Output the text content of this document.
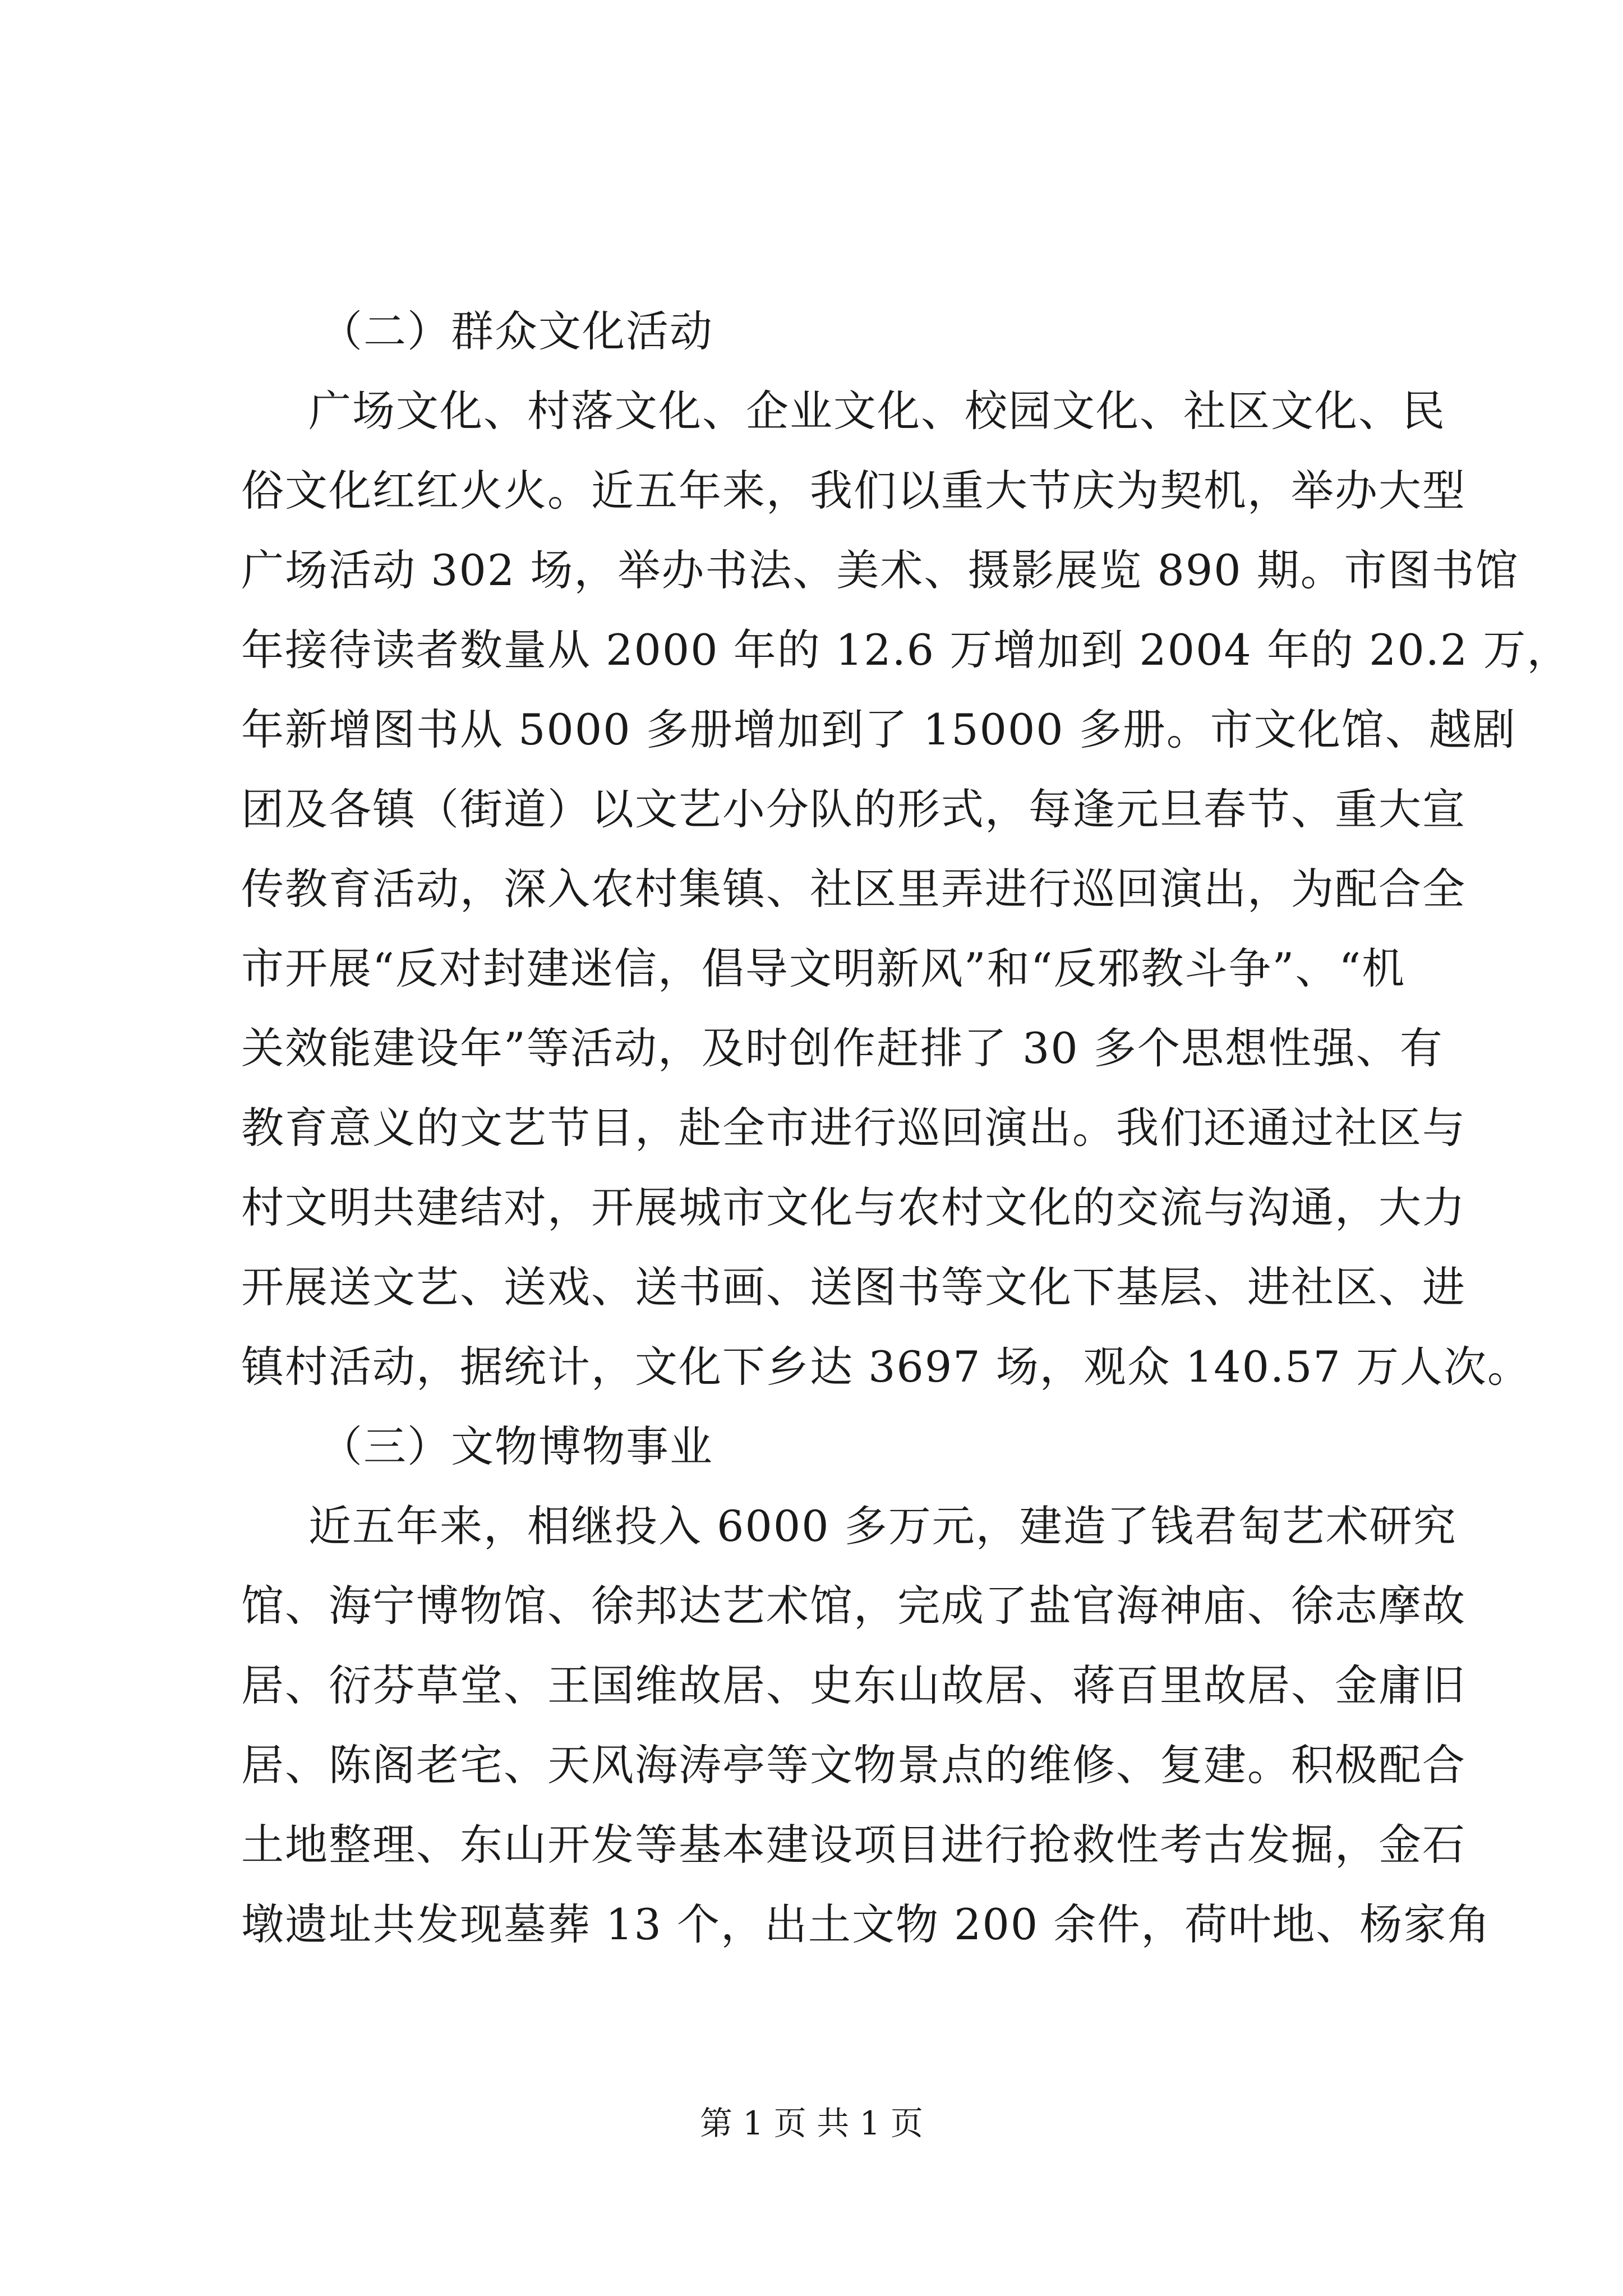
（二）群众文化活动
广场文化、村落文化、企业文化、校园文化、社区文化、民
俗文化红红火火。近五年来，我们以重大节庆为契机，举办大型
广场活动 302 场，举办书法、美术、摄影展览 890 期。市图书馆
年接待读者数量从 2000 年的 12.6 万增加到 2004 年的 20.2 万，
年新增图书从 5000 多册增加到了 15000 多册。市文化馆、越剧
团及各镇（街道）以文艺小分队的形式，每逢元旦春节、重大宣
传教育活动，深入农村集镇、社区里弄进行巡回演出，为配合全
市开展“反对封建迷信，倡导文明新风”和“反邪教斗争”、“机
关效能建设年”等活动，及时创作赶排了 30 多个思想性强、有
教育意义的文艺节目，赴全市进行巡回演出。我们还通过社区与
村文明共建结对，开展城市文化与农村文化的交流与沟通，大力
开展送文艺、送戏、送书画、送图书等文化下基层、进社区、进
镇村活动，据统计，文化下乡达 3697 场，观众 140.57 万人次。
（三）文物博物事业
近五年来，相继投入 6000 多万元，建造了钱君匋艺术研究
馆、海宁博物馆、徐邦达艺术馆，完成了盐官海神庙、徐志摩故
居、衍芬草堂、王国维故居、史东山故居、蒋百里故居、金庸旧
居、陈阁老宅、天风海涛亭等文物景点的维修、复建。积极配合
土地整理、东山开发等基本建设项目进行抢救性考古发掘，金石
墩遗址共发现墓葬 13 个，出土文物 200 余件，荷叶地、杨家角
第 1 页 共 1 页
